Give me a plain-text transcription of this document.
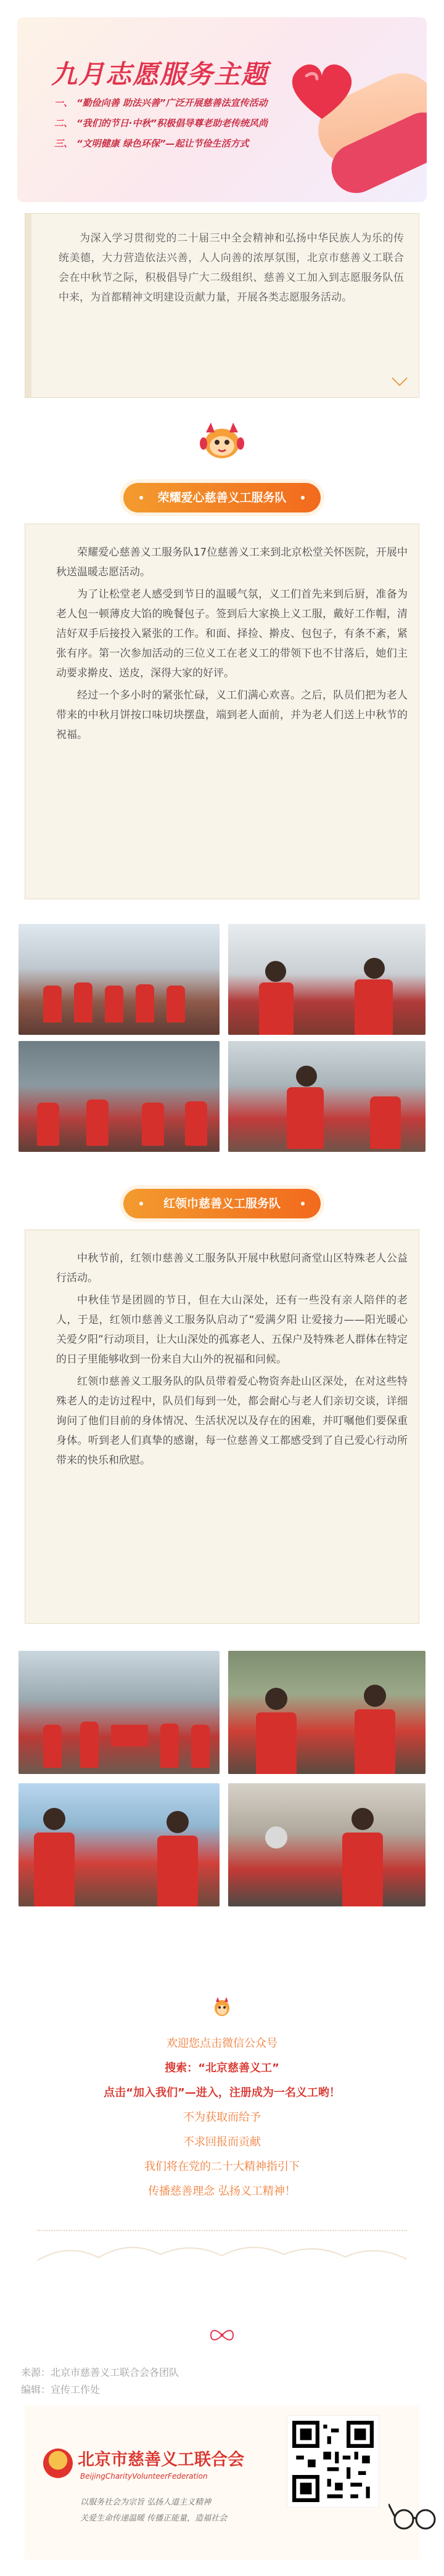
九月志愿服务主题
一、 “勤俭向善 助法兴善”广泛开展慈善法宣传活动
二、 “我们的节日·中秋”积极倡导尊老助老传统风尚
三、 “文明健康 绿色环保”—起让节俭生活方式

为深入学习贯彻党的二十届三中全会精神和弘扬中华民族人为乐的传统美德，大力营造依法兴善，人人向善的浓厚氛围，北京市慈善义工联合会在中秋节之际，积极倡导广大二级组织、慈善义工加入到志愿服务队伍中来，为首都精神文明建设贡献力量，开展各类志愿服务活动。

荣耀爱心慈善义工服务队

荣耀爱心慈善义工服务队17位慈善义工来到北京松堂关怀医院，开展中秋送温暖志愿活动。

为了让松堂老人感受到节日的温暖气氛，义工们首先来到后厨，准备为老人包一顿薄皮大馅的晚餐包子。签到后大家换上义工服，戴好工作帽，清洁好双手后接投入紧张的工作。和面、择捡、擀皮、包包子，有条不紊，紧张有序。第一次参加活动的三位义工在老义工的带领下也不甘落后，她们主动要求擀皮、送皮，深得大家的好评。

经过一个多小时的紧张忙碌，义工们满心欢喜。之后，队员们把为老人带来的中秋月饼按口味切块摆盘，端到老人面前，并为老人们送上中秋节的祝福。

红领巾慈善义工服务队

中秋节前，红领巾慈善义工服务队开展中秋慰问斋堂山区特殊老人公益行活动。

中秋佳节是团圆的节日，但在大山深处，还有一些没有亲人陪伴的老人，于是，红领巾慈善义工服务队启动了“爱满夕阳 让爱接力——阳光暖心关爱夕阳”行动项目，让大山深处的孤寡老人、五保户及特殊老人群体在特定的日子里能够收到一份来自大山外的祝福和问候。

红领巾慈善义工服务队的队员带着爱心物资奔赴山区深处，在对这些特殊老人的走访过程中，队员们每到一处，都会耐心与老人们亲切交谈，详细询问了他们目前的身体情况、生活状况以及存在的困难，并叮嘱他们要保重身体。听到老人们真挚的感谢，每一位慈善义工都感受到了自己爱心行动所带来的快乐和欣慰。

欢迎您点击微信公众号
搜索：“北京慈善义工”
点击“加入我们”—进入，注册成为一名义工哟！
不为获取而给予
不求回报而贡献
我们将在党的二十大精神指引下
传播慈善理念 弘扬义工精神！
来源：北京市慈善义工联合会各团队
编辑：宣传工作处
北京市慈善义工联合会
BeijingCharityVolunteerFederation
以服务社会为宗旨 弘扬人道主义精神
关爱生命传递温暖 传播正能量，造福社会
